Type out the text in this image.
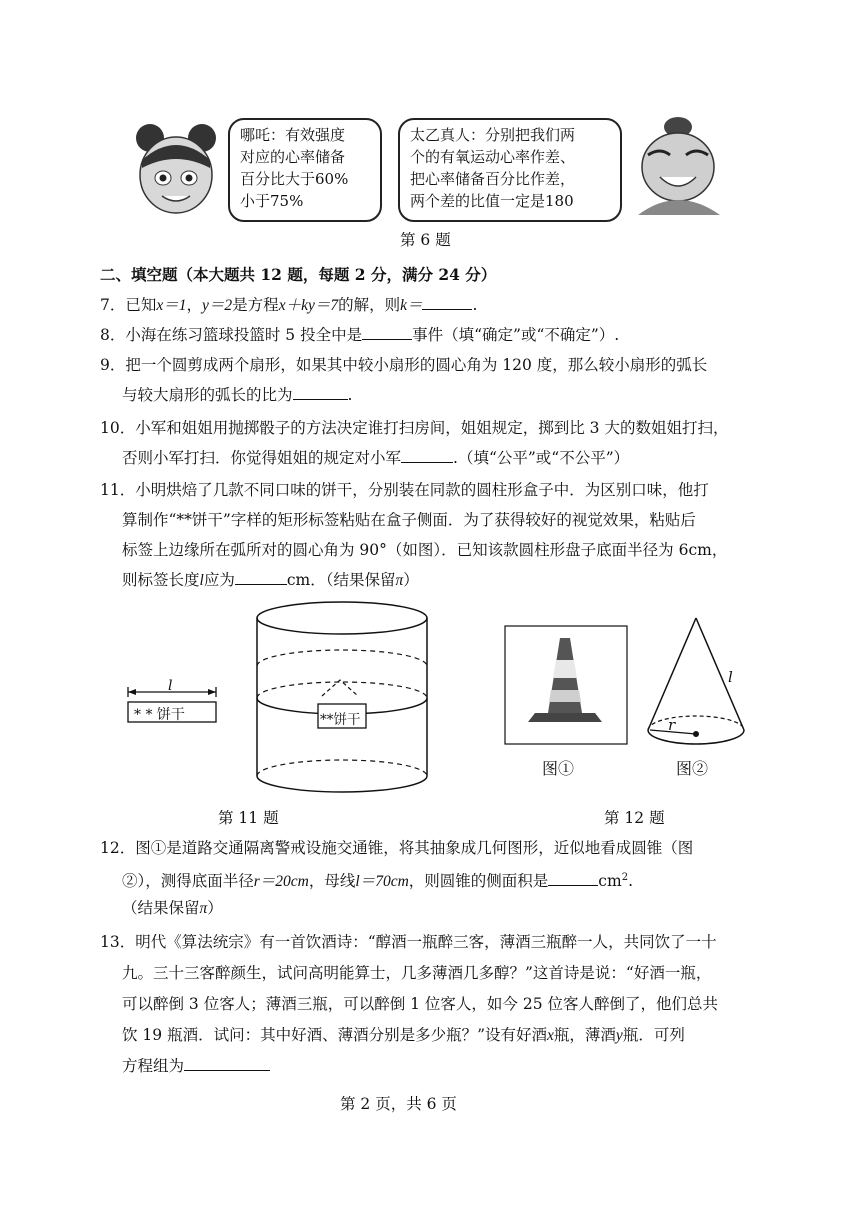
哪吒：有效强度
对应的心率储备
百分比大于60%
小于75%
太乙真人：分别把我们两
个的有氧运动心率作差、
把心率储备百分比作差，
两个差的比值一定是180
第 6 题
二、填空题（本大题共 12 题，每题 2 分，满分 24 分）
7．已知x＝1，y＝2是方程x＋ky＝7的解，则k＝	.
8．小海在练习篮球投篮时 5 投全中是	事件（填“确定”或“不确定”）.
9．把一个圆剪成两个扇形，如果其中较小扇形的圆心角为 120 度，那么较小扇形的弧长
与较大扇形的弧长的比为	.
10．小军和姐姐用抛掷骰子的方法决定谁打扫房间，姐姐规定，掷到比 3 大的数姐姐打扫，
否则小军打扫．你觉得姐姐的规定对小军	.（填“公平”或“不公平”）
11．小明烘焙了几款不同口味的饼干，分别装在同款的圆柱形盒子中．为区别口味，他打
算制作“**饼干”字样的矩形标签粘贴在盒子侧面．为了获得较好的视觉效果，粘贴后
标签上边缘所在弧所对的圆心角为 90°（如图）．已知该款圆柱形盘子底面半径为 6cm，
则标签长度l应为	cm．（结果保留π）
l
* * 饼干	**饼干
第 11 题
l
r
图①	图②
第 12 题
12．图①是道路交通隔离警戒设施交通锥，将其抽象成几何图形，近似地看成圆锥（图
②），测得底面半径r＝20cm，母线l＝70cm，则圆锥的侧面积是	$cm^2$.
（结果保留π）
13．明代《算法统宗》有一首饮酒诗：“醇酒一瓶醉三客，薄酒三瓶醉一人，共同饮了一十
九。三十三客醉颜生，试问高明能算士，几多薄酒几多醇？”这首诗是说：“好酒一瓶，
可以醉倒 3 位客人；薄酒三瓶，可以醉倒 1 位客人，如今 25 位客人醉倒了，他们总共
饮 19 瓶酒．试问：其中好酒、薄酒分别是多少瓶？”设有好酒x瓶，薄酒y瓶．可列
方程组为
第 2 页，共 6 页
